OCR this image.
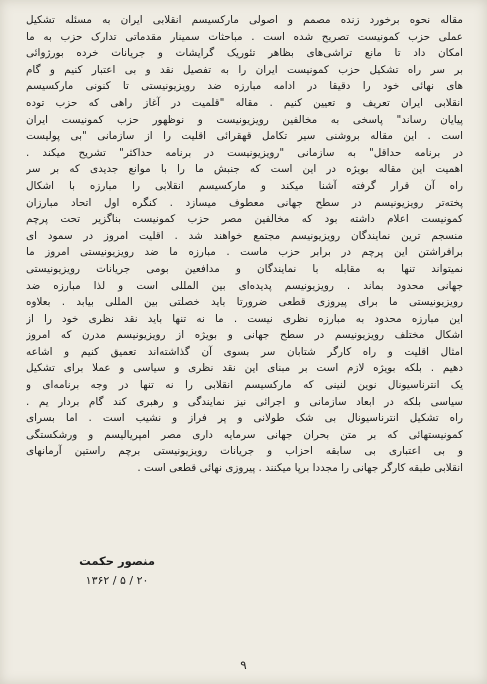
مقاله نحوه برخورد زنده مصمم و اصولی مارکسیسم انقلابی ایران به مسئله تشکیل
عملی حزب کمونیست تصریح شده است . مباحثات سمینار مقدماتی تدارک حزب به ما
امکان داد تا مانع تراشی‌های بظاهر تئوریک گرایشات و جریانات خرده بورژوائی
بر سر راه تشکیل حزب کمونیست ایران را به تفصیل نقد و بی اعتبار کنیم و گام
های نهائی خود را دقیقا در ادامه مبارزه ضد رویزیونیستی تا کنونی مارکسیسم
انقلابی ایران تعریف و تعیین کنیم . مقاله "قلمیت در آغاز راهی که حزب توده
پیایان رساند" پاسخی به مخالفین رویزیونیست و نوظهور حزب کمونیست ایران
است . این مقاله بروشنی سیر تکامل قهقرائی اقلیت را از سازمانی "بی پولیست
در برنامه حداقل" به سازمانی "رویزیونیست در برنامه حداکثر" تشریح میکند .
اهمیت این مقاله بویژه در این است که جنبش ما را با موانع جدیدی که بر سر
راه آن قرار گرفته آشنا میکند و مارکسیسم انقلابی را مبارزه با اشکال
پخته‌تر رویزیونیسم در سطح جهانی معطوف میسازد . کنگره اول اتحاد مبارزان
کمونیست اعلام داشته بود که مخالفین مصر حزب کمونیست بناگزیر تحت پرچم
منسجم ترین نمایندگان رویزیونیسم مجتمع خواهند شد . اقلیت امروز در سمود ای
برافراشتن این پرچم در برابر حزب ماست . مبارزه ما ضد رویزیونیستی امروز ما
نمیتواند تنها به مقابله با نمایندگان و مدافعین بومی جریانات رویزیونیستی
جهانی محدود بماند . رویزیونیسم پدیده‌ای بین المللی است و لذا مبارزه ضد
رویزیونیستی ما برای پیروزی قطعی ضرورتا باید خصلتی بین المللی بیابد . بعلاوه
این مبارزه محدود به مبارزه نظری نیست . ما نه تنها باید نقد نظری خود را از
اشکال مختلف رویزیونیسم در سطح جهانی و بویژه از رویزیونیسم مدرن که امروز
امثال اقلیت و راه کارگر شتابان سر بسوی آن گذاشته‌اند تعمیق کنیم و اشاعه
دهیم . بلکه بویژه لازم است بر مبنای این نقد نظری و سیاسی و عملا برای تشکیل
یک انترناسیونال نوین لنینی که مارکسیسم انقلابی را نه تنها در وجه برنامه‌ای و
سیاسی بلکه در ابعاد سازمانی و اجرائی نیز نمایندگی و رهبری کند گام بردار یم .
راه تشکیل انترناسیونال بی شک طولانی و پر فراز و نشیب است . اما بسرای
کمونیستهائی که بر متن بحران جهانی سرمایه داری مصر امپریالیسم و ورشکستگی
و بی اعتباری بی سابقه احزاب و جریانات رویزیونیستی برچم راستین آرمانهای
انقلابی طبقه کارگر جهانی را مجددا برپا میکنند . پیروزی نهائی قطعی است .
منصور حکمت
۲۰ / ۵ / ۱۳۶۲
۹
